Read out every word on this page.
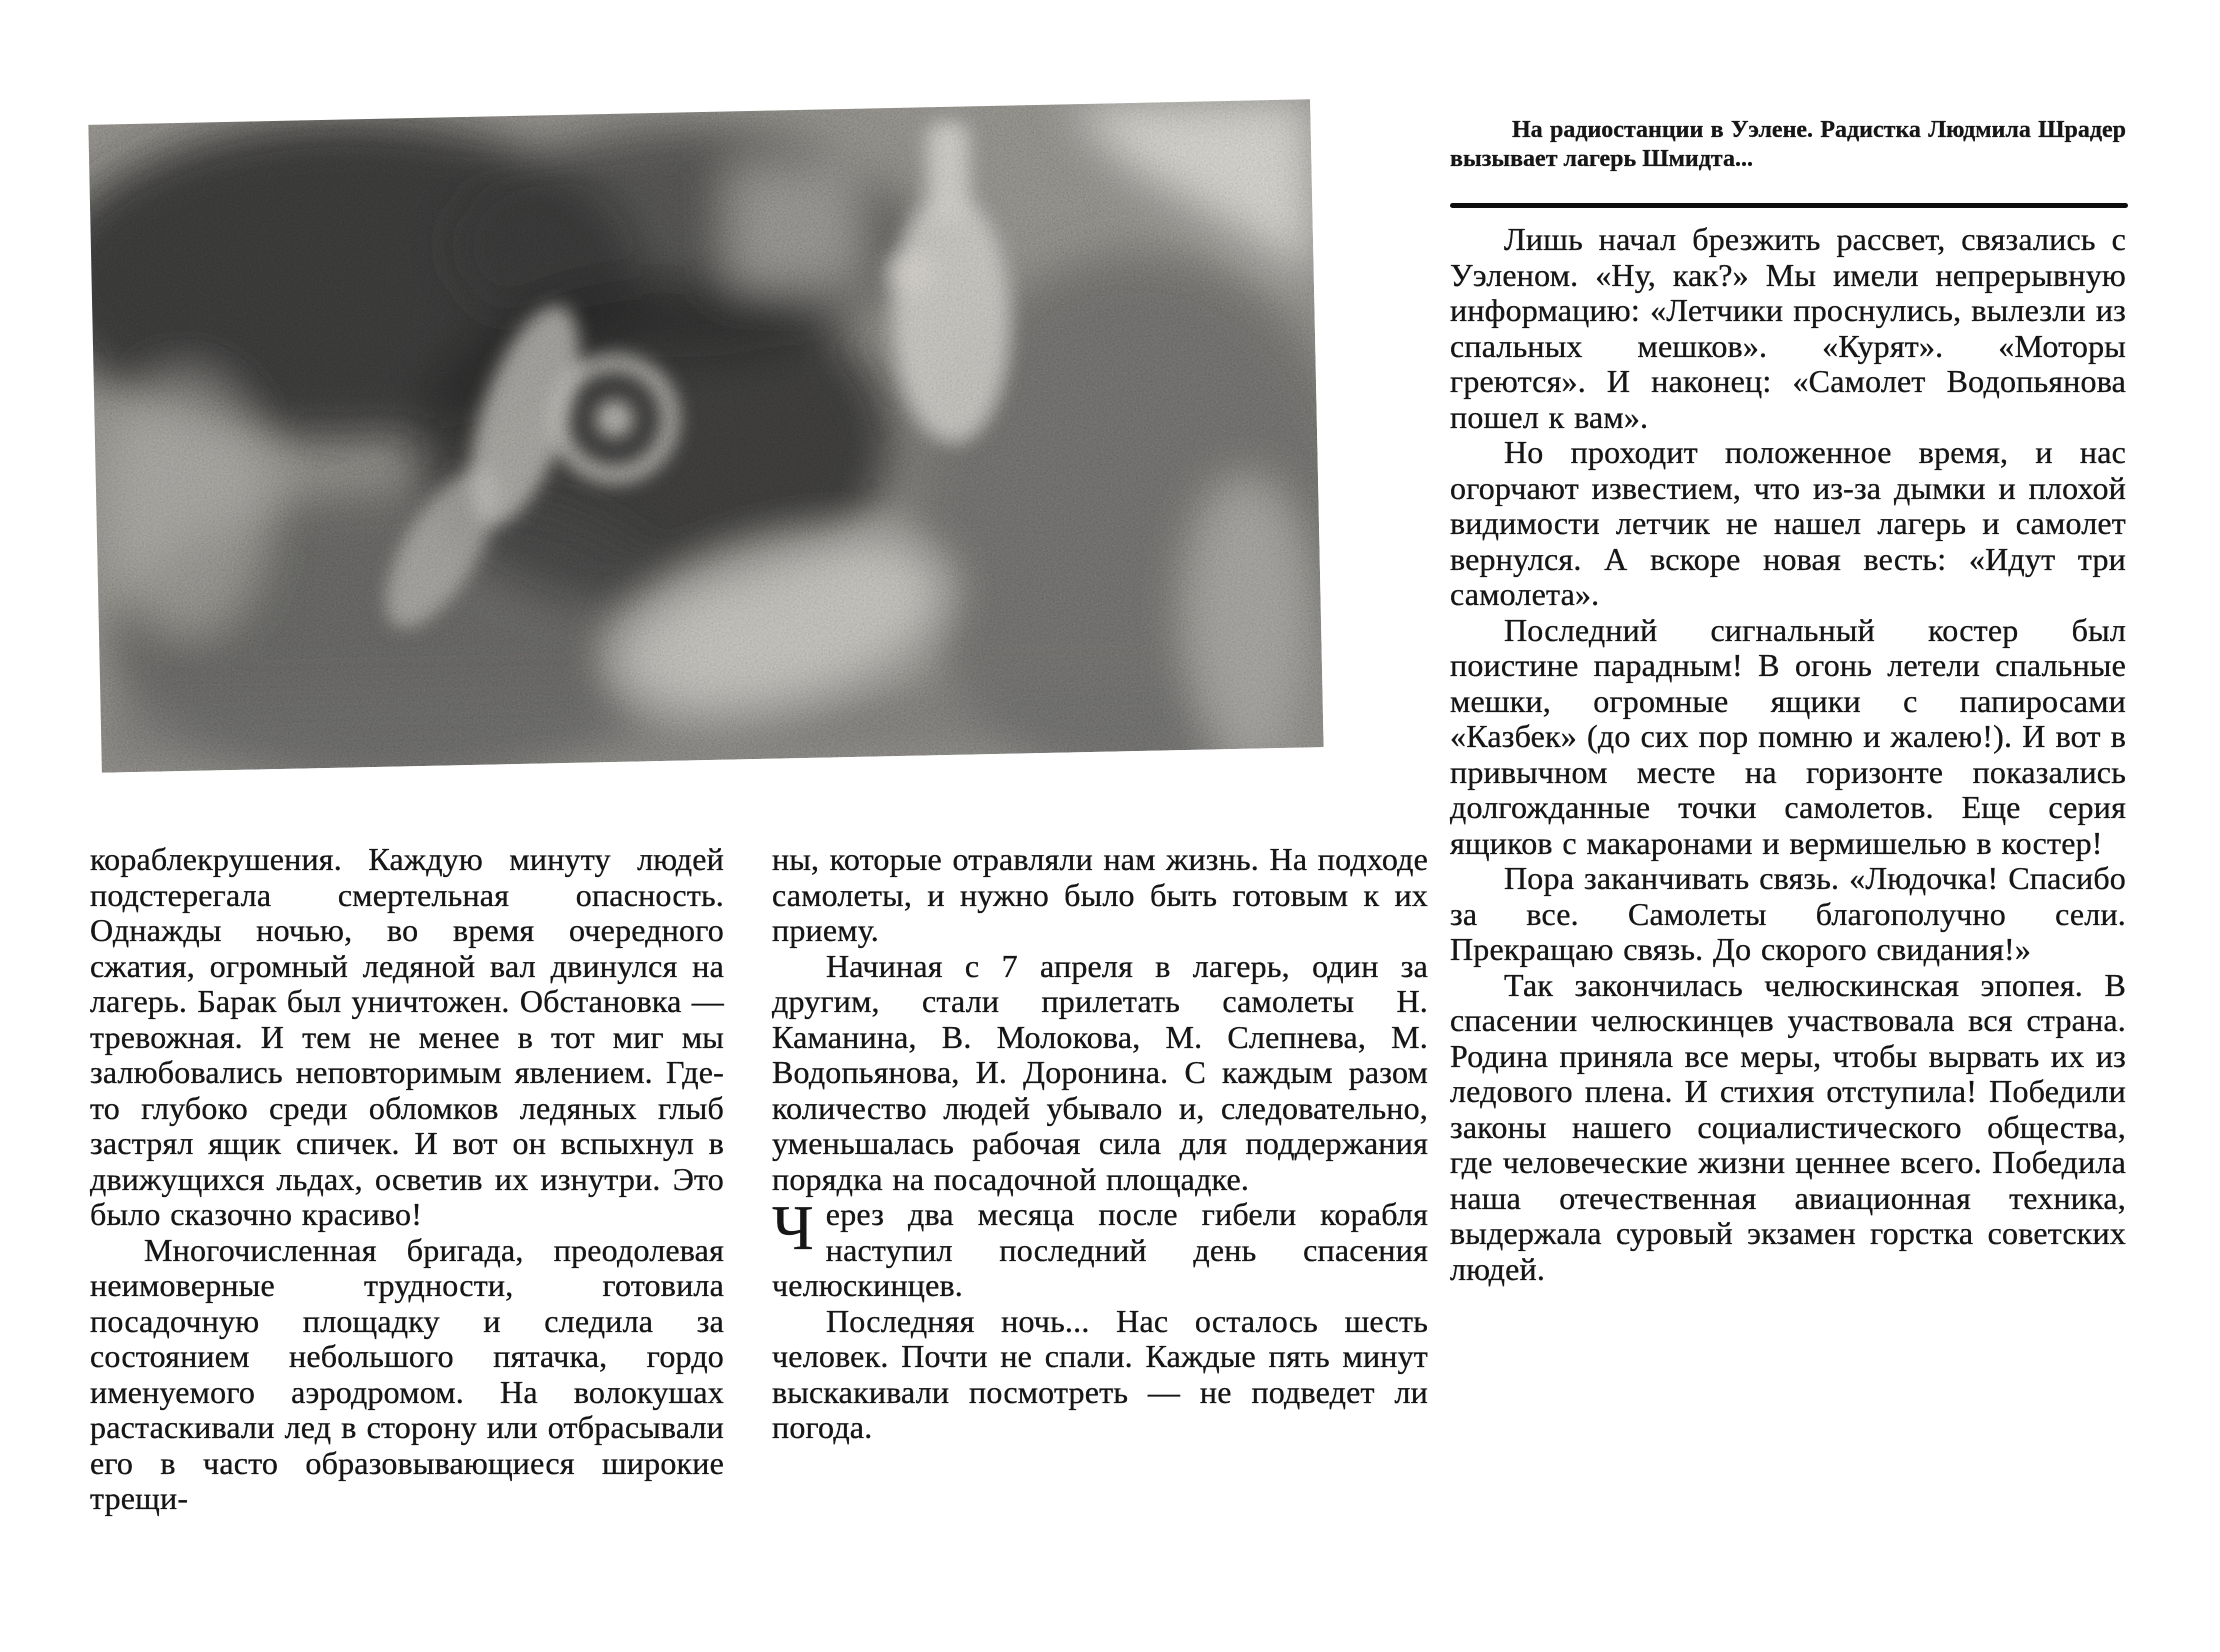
На радиостанции в Уэлене. Радистка Людмила Шрадер вызывает лагерь Шмидта...

Лишь начал брезжить рассвет, связались с Уэленом. «Ну, как?» Мы имели непрерывную информацию: «Летчики проснулись, вылезли из спальных мешков». «Курят». «Моторы греются». И наконец: «Самолет Водопьянова пошел к вам».

Но проходит положенное время, и нас огорчают известием, что из-за дымки и плохой видимости летчик не нашел лагерь и самолет вернулся. А вскоре новая весть: «Идут три самолета».

Последний сигнальный костер был поистине парадным! В огонь летели спальные мешки, огромные ящики с папиросами «Казбек» (до сих пор помню и жалею!). И вот в привычном месте на горизонте показались долгожданные точки самолетов. Еще серия ящиков с макаронами и вермишелью в костер!

Пора заканчивать связь. «Людочка! Спасибо за все. Самолеты благополучно сели. Прекращаю связь. До скорого свидания!»

Так закончилась челюскинская эпопея. В спасении челюскинцев участвовала вся страна. Родина приняла все меры, чтобы вырвать их из ледового плена. И стихия отступила! Победили законы нашего социалистического общества, где человеческие жизни ценнее всего. Победила наша отечественная авиационная техника, выдержала суровый экзамен горстка советских людей.

кораблекрушения. Каждую минуту людей подстерегала смертельная опасность. Однажды ночью, во время очередного сжатия, огромный ледяной вал двинулся на лагерь. Барак был уничтожен. Обстановка — тревожная. И тем не менее в тот миг мы залюбовались неповторимым явлением. Где-то глубоко среди обломков ледяных глыб застрял ящик спичек. И вот он вспыхнул в движущихся льдах, осветив их изнутри. Это было сказочно красиво!

Многочисленная бригада, преодолевая неимоверные трудности, готовила посадочную площадку и следила за состоянием небольшого пятачка, гордо именуемого аэродромом. На волокушах растаскивали лед в сторону или отбрасывали его в часто образовывающиеся широкие трещи-

ны, которые отравляли нам жизнь. На подходе самолеты, и нужно было быть готовым к их приему.

Начиная с 7 апреля в лагерь, один за другим, стали прилетать самолеты Н. Каманина, В. Молокова, М. Слепнева, М. Водопьянова, И. Доронина. С каждым разом количество людей убывало и, следовательно, уменьшалась рабочая сила для поддержания порядка на посадочной площадке.

Через два месяца после гибели корабля наступил последний день спасения челюскинцев.

Последняя ночь... Нас осталось шесть человек. Почти не спали. Каждые пять минут выскакивали посмотреть — не подведет ли погода.
